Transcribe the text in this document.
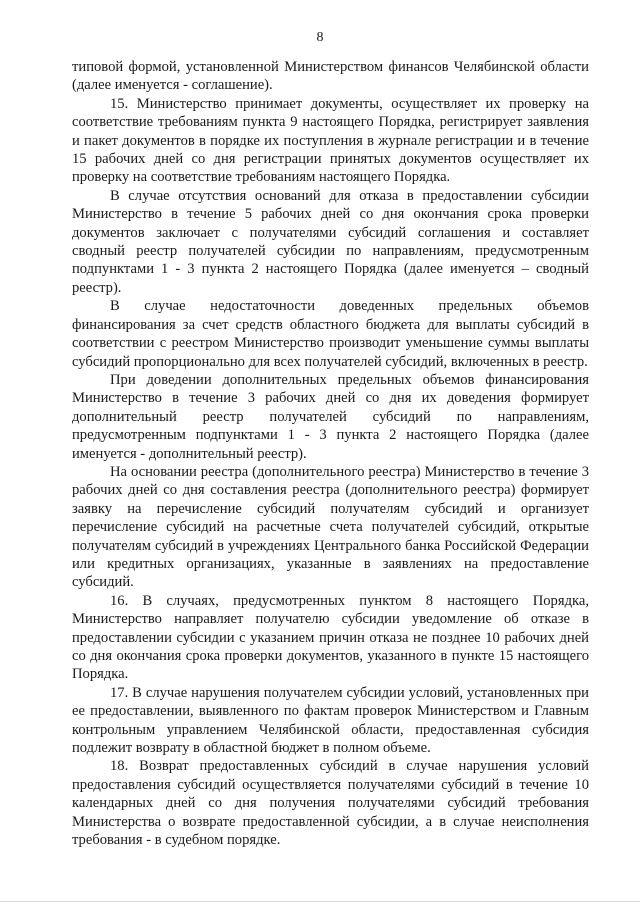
8

типовой формой, установленной Министерством финансов Челябинской области (далее именуется - соглашение).

15. Министерство принимает документы, осуществляет их проверку на соответствие требованиям пункта 9 настоящего Порядка, регистрирует заявления и пакет документов в порядке их поступления в журнале регистрации и в течение 15 рабочих дней со дня регистрации принятых документов осуществляет их проверку на соответствие требованиям настоящего Порядка.

В случае отсутствия оснований для отказа в предоставлении субсидии Министерство в течение 5 рабочих дней со дня окончания срока проверки документов заключает с получателями субсидий соглашения и составляет сводный реестр получателей субсидии по направлениям, предусмотренным подпунктами 1 - 3 пункта 2 настоящего Порядка (далее именуется – сводный реестр).

В случае недостаточности доведенных предельных объемов финансирования за счет средств областного бюджета для выплаты субсидий в соответствии с реестром Министерство производит уменьшение суммы выплаты субсидий пропорционально для всех получателей субсидий, включенных в реестр.

При доведении дополнительных предельных объемов финансирования Министерство в течение 3 рабочих дней со дня их доведения формирует дополнительный реестр получателей субсидий по направлениям, предусмотренным подпунктами 1 - 3 пункта 2 настоящего Порядка (далее именуется - дополнительный реестр).

На основании реестра (дополнительного реестра) Министерство в течение 3 рабочих дней со дня составления реестра (дополнительного реестра) формирует заявку на перечисление субсидий получателям субсидий и организует перечисление субсидий на расчетные счета получателей субсидий, открытые получателям субсидий в учреждениях Центрального банка Российской Федерации или кредитных организациях, указанные в заявлениях на предоставление субсидий.

16. В случаях, предусмотренных пунктом 8 настоящего Порядка, Министерство направляет получателю субсидии уведомление об отказе в предоставлении субсидии с указанием причин отказа не позднее 10 рабочих дней со дня окончания срока проверки документов, указанного в пункте 15 настоящего Порядка.

17. В случае нарушения получателем субсидии условий, установленных при ее предоставлении, выявленного по фактам проверок Министерством и Главным контрольным управлением Челябинской области, предоставленная субсидия подлежит возврату в областной бюджет в полном объеме.

18. Возврат предоставленных субсидий в случае нарушения условий предоставления субсидий осуществляется получателями субсидий в течение 10 календарных дней со дня получения получателями субсидий требования Министерства о возврате предоставленной субсидии, а в случае неисполнения требования - в судебном порядке.
